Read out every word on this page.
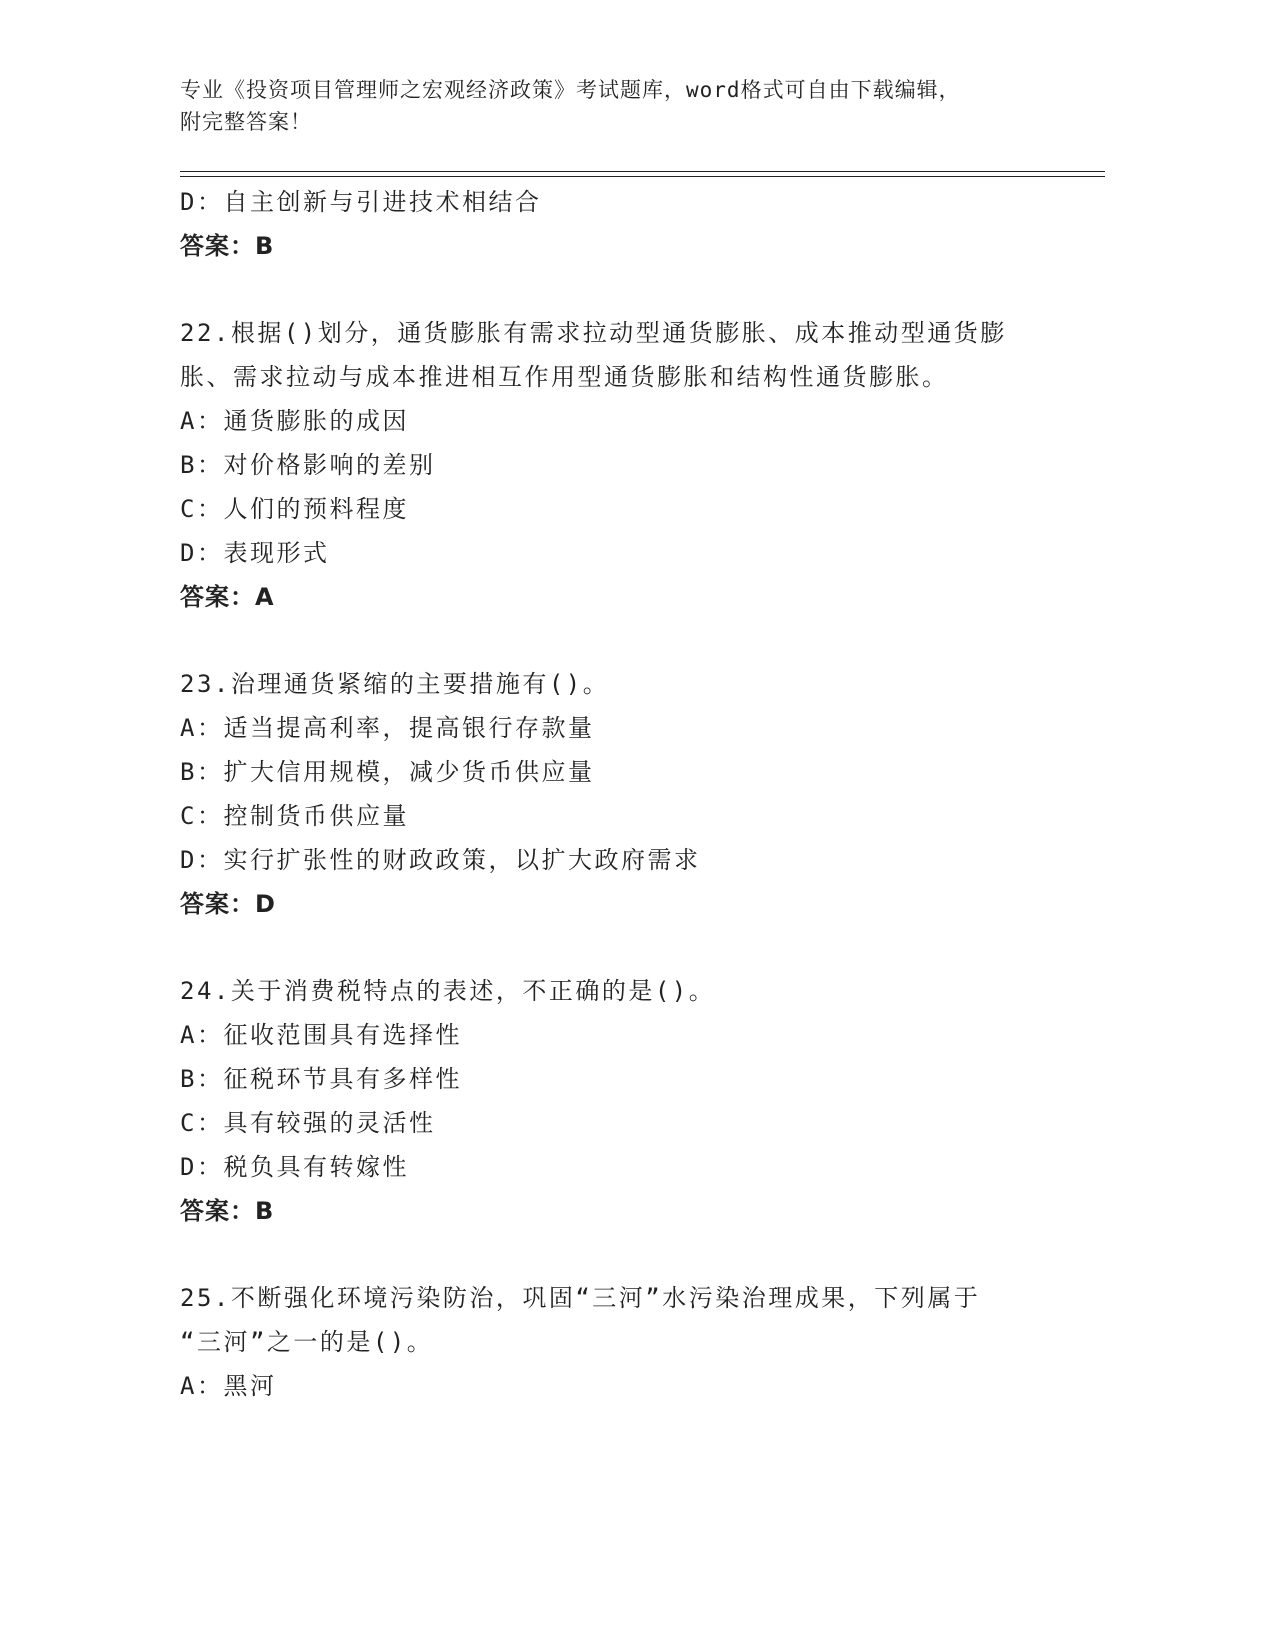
专业《投资项目管理师之宏观经济政策》考试题库，word格式可自由下载编辑，
附完整答案！
D：自主创新与引进技术相结合
答案：B
22.根据()划分，通货膨胀有需求拉动型通货膨胀、成本推动型通货膨
胀、需求拉动与成本推进相互作用型通货膨胀和结构性通货膨胀。
A：通货膨胀的成因
B：对价格影响的差别
C：人们的预料程度
D：表现形式
答案：A
23.治理通货紧缩的主要措施有()。
A：适当提高利率，提高银行存款量
B：扩大信用规模，减少货币供应量
C：控制货币供应量
D：实行扩张性的财政政策，以扩大政府需求
答案：D
24.关于消费税特点的表述，不正确的是()。
A：征收范围具有选择性
B：征税环节具有多样性
C：具有较强的灵活性
D：税负具有转嫁性
答案：B
25.不断强化环境污染防治，巩固“三河”水污染治理成果，下列属于
“三河”之一的是()。
A：黑河
